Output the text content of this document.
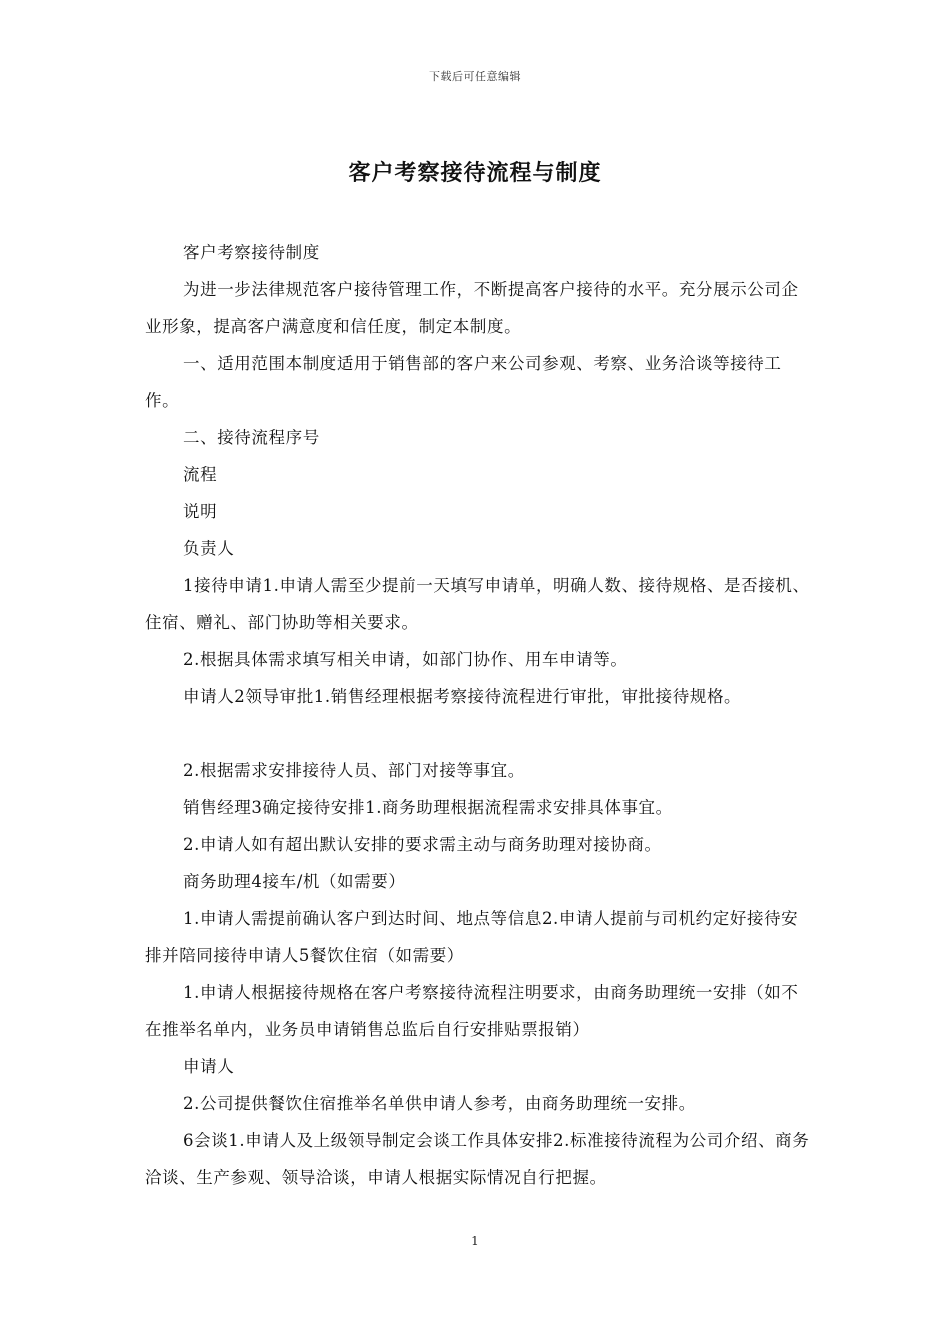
下载后可任意编辑
客户考察接待流程与制度

客户考察接待制度

为进一步法律规范客户接待管理工作，不断提高客户接待的水平。充分展示公司企业形象，提高客户满意度和信任度，制定本制度。

一、适用范围本制度适用于销售部的客户来公司参观、考察、业务洽谈等接待工作。

二、接待流程序号

流程

说明

负责人

1接待申请1.申请人需至少提前一天填写申请单，明确人数、接待规格、是否接机、住宿、赠礼、部门协助等相关要求。

2.根据具体需求填写相关申请，如部门协作、用车申请等。

申请人2领导审批1.销售经理根据考察接待流程进行审批，审批接待规格。

2.根据需求安排接待人员、部门对接等事宜。

销售经理3确定接待安排1.商务助理根据流程需求安排具体事宜。

2.申请人如有超出默认安排的要求需主动与商务助理对接协商。

商务助理4接车/机（如需要）

1.申请人需提前确认客户到达时间、地点等信息2.申请人提前与司机约定好接待安排并陪同接待申请人5餐饮住宿（如需要）

1.申请人根据接待规格在客户考察接待流程注明要求，由商务助理统一安排（如不在推举名单内，业务员申请销售总监后自行安排贴票报销）

申请人

2.公司提供餐饮住宿推举名单供申请人参考，由商务助理统一安排。

6会谈1.申请人及上级领导制定会谈工作具体安排2.标准接待流程为公司介绍、商务洽谈、生产参观、领导洽谈，申请人根据实际情况自行把握。

1
